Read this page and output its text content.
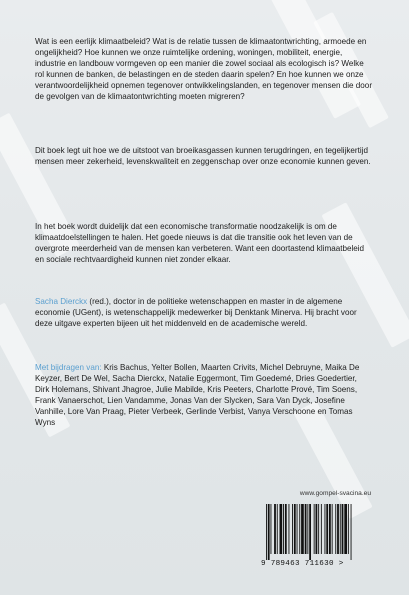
Wat is een eerlijk klimaatbeleid? Wat is de relatie tussen de klimaatontwrichting, armoede en ongelijkheid? Hoe kunnen we onze ruimtelijke ordening, woningen, mobiliteit, energie, industrie en landbouw vormgeven op een manier die zowel sociaal als ecologisch is? Welke rol kunnen de banken, de belastingen en de steden daarin spelen? En hoe kunnen we onze verantwoordelijkheid opnemen tegenover ontwikkelingslanden, en tegenover mensen die door de gevolgen van de klimaatontwrichting moeten migreren?

Dit boek legt uit hoe we de uitstoot van broeikasgassen kunnen terugdringen, en tegelijkertijd mensen meer zekerheid, levenskwaliteit en zeggenschap over onze economie kunnen geven.

In het boek wordt duidelijk dat een economische transformatie noodzakelijk is om de klimaatdoelstellingen te halen. Het goede nieuws is dat die transitie ook het leven van de overgrote meerderheid van de mensen kan verbeteren. Want een doortastend klimaatbeleid en sociale rechtvaardigheid kunnen niet zonder elkaar.

Sacha Dierckx (red.), doctor in de politieke wetenschappen en master in de algemene economie (UGent), is wetenschappelijk medewerker bij Denktank Minerva. Hij bracht voor deze uitgave experten bijeen uit het middenveld en de academische wereld.

Met bijdragen van: Kris Bachus, Yelter Bollen, Maarten Crivits, Michel Debruyne, Maika De Keyzer, Bert De Wel, Sacha Dierckx, Natalie Eggermont, Tim Goedemé, Dries Goedertier, Dirk Holemans, Shivant Jhagroe, Julie Mabilde, Kris Peeters, Charlotte Prové, Tim Soens, Frank Vanaerschot, Lien Vandamme, Jonas Van der Slycken, Sara Van Dyck, Josefine Vanhille, Lore Van Praag, Pieter Verbeek, Gerlinde Verbist, Vanya Verschoone en Tomas Wyns

www.gompel-svacina.eu
9 789463 711630 >
